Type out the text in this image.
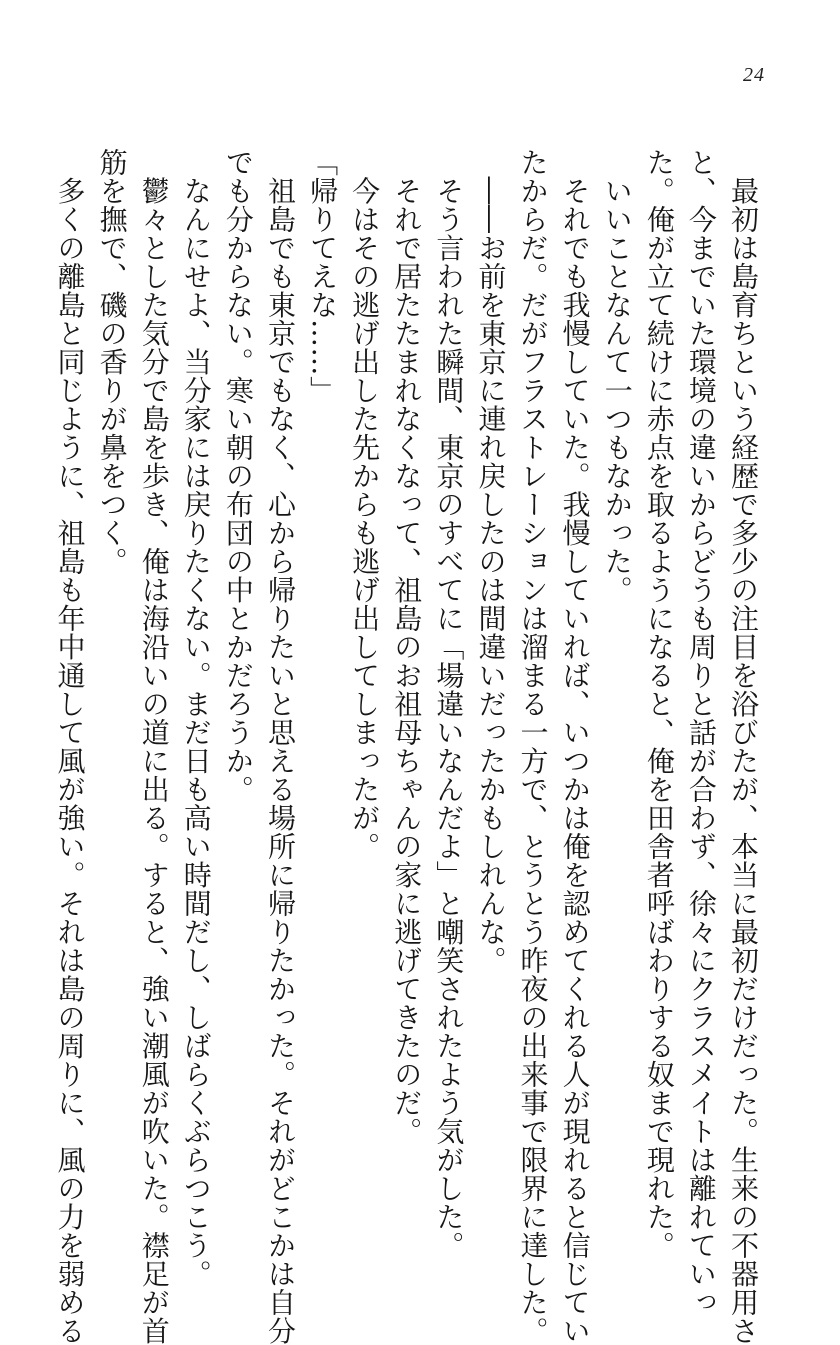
24
　最初は島育ちという経歴で多少の注目を浴びたが、本当に最初だけだった。生来の不器用さ と、今までいた環境の違いからどうも周りと話が合わず、徐々にクラスメイトは離れていっ た。俺が立て続けに赤点を取るようになると、俺を田舎者呼ばわりする奴まで現れた。 　いいことなんて一つもなかった。 　それでも我慢していた。我慢していれば、いつかは俺を認めてくれる人が現れると信じてい たからだ。だがフラストレーションは溜まる一方で、とうとう昨夜の出来事で限界に達した。 　――お前を東京に連れ戻したのは間違いだったかもしれんな。 　そう言われた瞬間、東京のすべてに「場違いなんだよ」と嘲笑されたよう気がした。 　それで居たたまれなくなって、祖島のお祖母ちゃんの家に逃げてきたのだ。 　今はその逃げ出した先からも逃げ出してしまったが。 「帰りてえな……」 　祖島でも東京でもなく、心から帰りたいと思える場所に帰りたかった。それがどこかは自分 でも分からない。寒い朝の布団の中とかだろうか。 　なんにせよ、当分家には戻りたくない。まだ日も高い時間だし、しばらくぶらつこう。 　鬱々とした気分で島を歩き、俺は海沿いの道に出る。すると、強い潮風が吹いた。襟足が首 筋を撫で、磯の香りが鼻をつく。 　多くの離島と同じように、祖島も年中通して風が強い。それは島の周りに、風の力を弱める
